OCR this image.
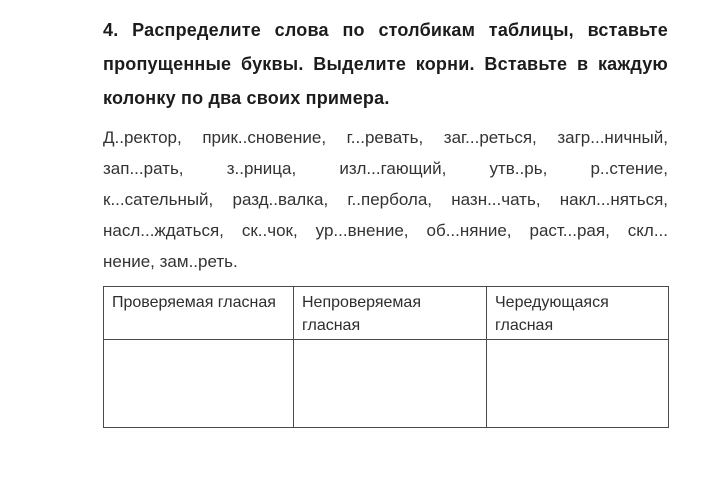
4. Распределите слова по столбикам таблицы, вставьте
пропущенные буквы. Выделите корни. Вставьте в каждую
колонку по два своих примера.
Д..ректор, прик..сновение, г...ревать, заг...реться, загр...ничный,
зап...рать, з..рница, изл...гающий, утв..рь, р..стение,
к...сательный, разд..валка, г..пербола, назн...чать, накл...няться,
насл...ждаться, ск..чок, ур...внение, об...няние, раст...рая, скл...
нение, зам..реть.
Проверяемая гласная	Непроверяемая гласная	Чередующаяся гласная
